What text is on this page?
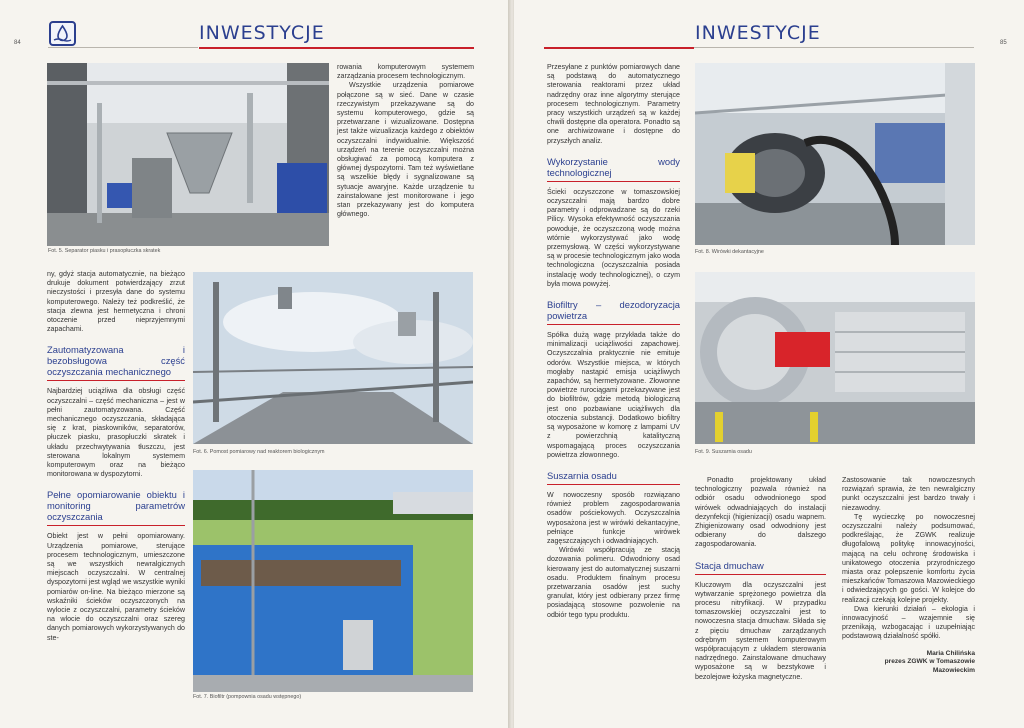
84	INWESTYCJE
Fot. 5. Separator piasku i prasopłuczka skratek
Fot. 6. Pomost pomiarowy nad reaktorem biologicznym
Fot. 7. Biofiltr (pompownia osadu wstępnego)

ny, gdyż stacja automatycznie, na bieżąco drukuje dokument potwierdzający zrzut nieczystości i przesyła dane do systemu komputerowego. Należy też podkreślić, że stacja zlewna jest hermetyczna i chroni otoczenie przed nieprzyjemnymi zapachami.

Zautomatyzowana i bezobsługowa część oczyszczania mechanicznego

Najbardziej uciążliwa dla obsługi część oczyszczalni – część mechaniczna – jest w pełni zautomatyzowana. Część mechanicznego oczyszczania, składająca się z krat, piaskowników, separatorów, płuczek piasku, prasopłuczki skratek i układu przechwytywania tłuszczu, jest sterowana lokalnym systemem komputerowym oraz na bieżąco monitorowana w dyspozytorni.

Pełne opomiarowanie obiektu i monitoring parametrów oczyszczania

Obiekt jest w pełni opomiarowany. Urządzenia pomiarowe, sterujące procesem technologicznym, umieszczone są we wszystkich newralgicznych miejscach oczyszczalni. W centralnej dyspozytorni jest wgląd we wszystkie wyniki pomiarów on-line. Na bieżąco mierzone są wskaźniki ścieków oczyszczonych na wylocie z oczyszczalni, parametry ścieków na wlocie do oczyszczalni oraz szereg danych pomiarowych wykorzystywanych do ste-

rowania komputerowym systemem zarządzania procesem technologicznym.

Wszystkie urządzenia pomiarowe połączone są w sieć. Dane w czasie rzeczywistym przekazywane są do systemu komputerowego, gdzie są przetwarzane i wizualizowane. Dostępna jest także wizualizacja każdego z obiektów oczyszczalni indywidualnie. Większość urządzeń na terenie oczyszczalni można obsługiwać za pomocą komputera z głównej dyspozytorni. Tam też wyświetlane są wszelkie błędy i sygnalizowane są sytuacje awaryjne. Każde urządzenie tu zainstalowane jest monitorowane i jego stan przekazywany jest do komputera głównego.

85
INWESTYCJE

Przesyłane z punktów pomiarowych dane są podstawą do automatycznego sterowania reaktorami przez układ nadrzędny oraz inne algorytmy sterujące procesem technologicznym. Parametry pracy wszystkich urządzeń są w każdej chwili dostępne dla operatora. Ponadto są one archiwizowane i dostępne do przyszłych analiz.

Wykorzystanie wody technologicznej

Ścieki oczyszczone w tomaszowskiej oczyszczalni mają bardzo dobre parametry i odprowadzane są do rzeki Pilicy. Wysoka efektywność oczyszczania powoduje, że oczyszczoną wodę można wtórnie wykorzystywać jako wodę przemysłową. W części wykorzystywane są w procesie technologicznym jako woda technologiczna (oczyszczalnia posiada instalację wody technologicznej), o czym była mowa powyżej.

Biofiltry – dezodoryzacja powietrza

Spółka dużą wagę przykłada także do minimalizacji uciążliwości zapachowej. Oczyszczalnia praktycznie nie emituje odorów. Wszystkie miejsca, w których mogłaby nastąpić emisja uciążliwych zapachów, są hermetyzowane. Złowonne powietrze rurociągami przekazywane jest do biofiltrów, gdzie metodą biologiczną jest ono pozbawiane uciążliwych dla otoczenia substancji. Dodatkowo biofiltry są wyposażone w komorę z lampami UV z powierzchnią katalityczną wspomagającą proces oczyszczania powietrza złowonnego.

Suszarnia osadu

W nowoczesny sposób rozwiązano również problem zagospodarowania osadów pościekowych. Oczyszczalnia wyposażona jest w wirówki dekantacyjne, pełniące funkcje wirówek zagęszczających i odwadniających.

Wirówki współpracują ze stacją dozowania polimeru. Odwodniony osad kierowany jest do automatycznej suszarni osadu. Produktem finalnym procesu przetwarzania osadów jest suchy granulat, który jest odbierany przez firmę posiadającą stosowne pozwolenie na odbiór tego typu produktu.

Fot. 8. Wirówki dekantacyjne
Fot. 9. Suszarnia osadu

Ponadto projektowany układ technologiczny pozwala również na odbiór osadu odwodnionego spod wirówek odwadniających do instalacji dezynfekcji (higienizacji) osadu wapnem. Zhigienizowany osad odwodniony jest odbierany do dalszego zagospodarowania.

Stacja dmuchaw

Kluczowym dla oczyszczalni jest wytwarzanie sprężonego powietrza dla procesu nitryfikacji. W przypadku tomaszowskiej oczyszczalni jest to nowoczesna stacja dmuchaw. Składa się z pięciu dmuchaw zarządzanych odrębnym systemem komputerowym współpracującym z układem sterowania nadrzędnego. Zainstalowane dmuchawy wyposażone są w bezstykowe i bezolejowe łożyska magnetyczne.

Zastosowanie tak nowoczesnych rozwiązań sprawia, że ten newralgiczny punkt oczyszczalni jest bardzo trwały i niezawodny.

Tę wycieczkę po nowoczesnej oczyszczalni należy podsumować, podkreślając, że ZGWK realizuje długofalową politykę innowacyjności, mającą na celu ochronę środowiska i unikatowego otoczenia przyrodniczego miasta oraz polepszenie komfortu życia mieszkańców Tomaszowa Mazowieckiego i odwiedzających go gości. W kolejce do realizacji czekają kolejne projekty.

Dwa kierunki działań – ekologia i innowacyjność – wzajemnie się przenikają, wzbogacając i uzupełniając podstawową działalność spółki.

Maria Chilińska
prezes ZGWK w Tomaszowie Mazowieckim
